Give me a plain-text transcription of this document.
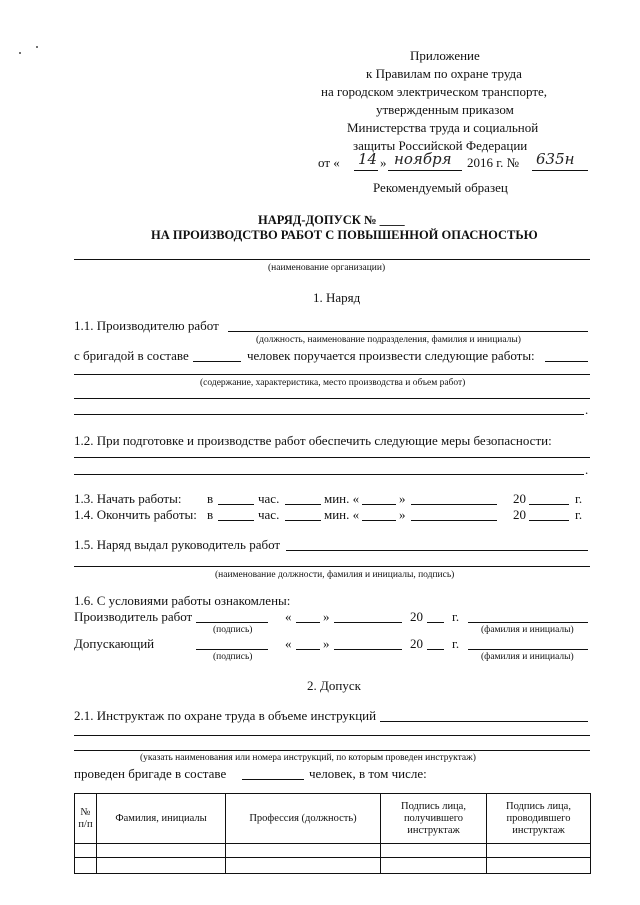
Приложение
к Правилам по охране труда
на городском электрическом транспорте,
утвержденным приказом
Министерства труда и социальной
защиты Российской Федерации
от « 14 » ноября 2016 г. № 635н
Рекомендуемый образец
НАРЯД-ДОПУСК № ____
НА ПРОИЗВОДСТВО РАБОТ С ПОВЫШЕННОЙ ОПАСНОСТЬЮ
(наименование организации)
1. Наряд
1.1. Производителю работ
(должность, наименование подразделения, фамилия и инициалы)
с бригадой в составе	человек поручается произвести следующие работы:
(содержание, характеристика, место производства и объем работ)
.
1.2. При подготовке и производстве работ обеспечить следующие меры безопасности:
.
1.3. Начать работы: в	час.	мин. «	»	20	г.
1.4. Окончить работы: в	час.	мин. «	»	20	г.
1.5. Наряд выдал руководитель работ
(наименование должности, фамилия и инициалы, подпись)
1.6. С условиями работы ознакомлены:
Производитель работ
(подпись)
« »	20 г.
(фамилия и инициалы)
Допускающий
(подпись)
« »	20 г.
(фамилия и инициалы)
2. Допуск
2.1. Инструктаж по охране труда в объеме инструкций
(указать наименования или номера инструкций, по которым проведен инструктаж)
проведен бригаде в составе	человек, в том числе:
№ п/п	Фамилия, инициалы	Профессия (должность)	Подпись лица, получившего инструктаж	Подпись лица, проводившего инструктаж
